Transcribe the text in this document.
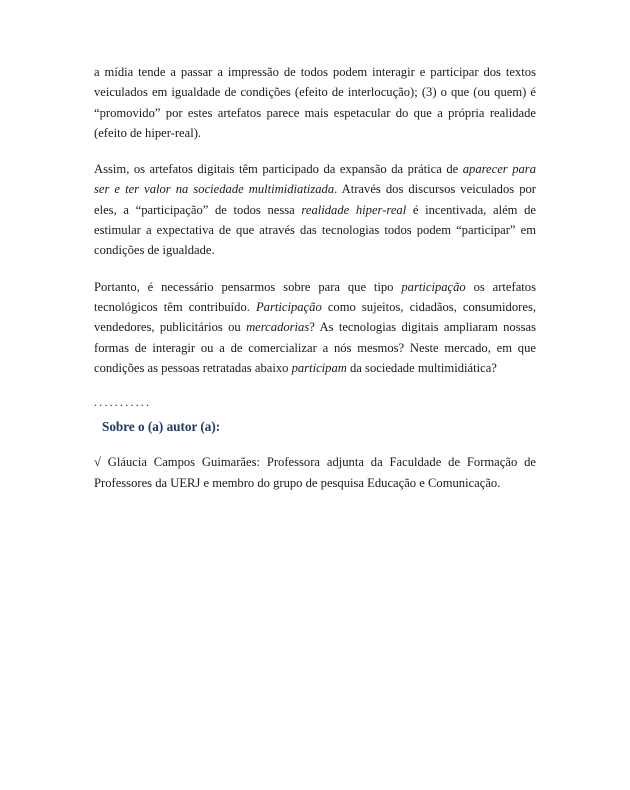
a mídia tende a passar a impressão de todos podem interagir e participar dos textos veiculados em igualdade de condições (efeito de interlocução); (3) o que (ou quem) é “promovido” por estes artefatos parece mais espetacular do que a própria realidade (efeito de hiper-real).

Assim, os artefatos digitais têm participado da expansão da prática de aparecer para ser e ter valor na sociedade multimidiatizada. Através dos discursos veiculados por eles, a “participação” de todos nessa realidade hiper-real é incentivada, além de estimular a expectativa de que através das tecnologias todos podem “participar” em condições de igualdade.

Portanto, é necessário pensarmos sobre para que tipo participação os artefatos tecnológicos têm contribuído. Participação como sujeitos, cidadãos, consumidores, vendedores, publicitários ou mercadorias? As tecnologias digitais ampliaram nossas formas de interagir ou a de comercializar a nós mesmos? Neste mercado, em que condições as pessoas retratadas abaixo participam da sociedade multimidiática?

...........

Sobre o (a) autor (a):

√ Gláucia Campos Guimarães: Professora adjunta da Faculdade de Formação de Professores da UERJ e membro do grupo de pesquisa Educação e Comunicação.
